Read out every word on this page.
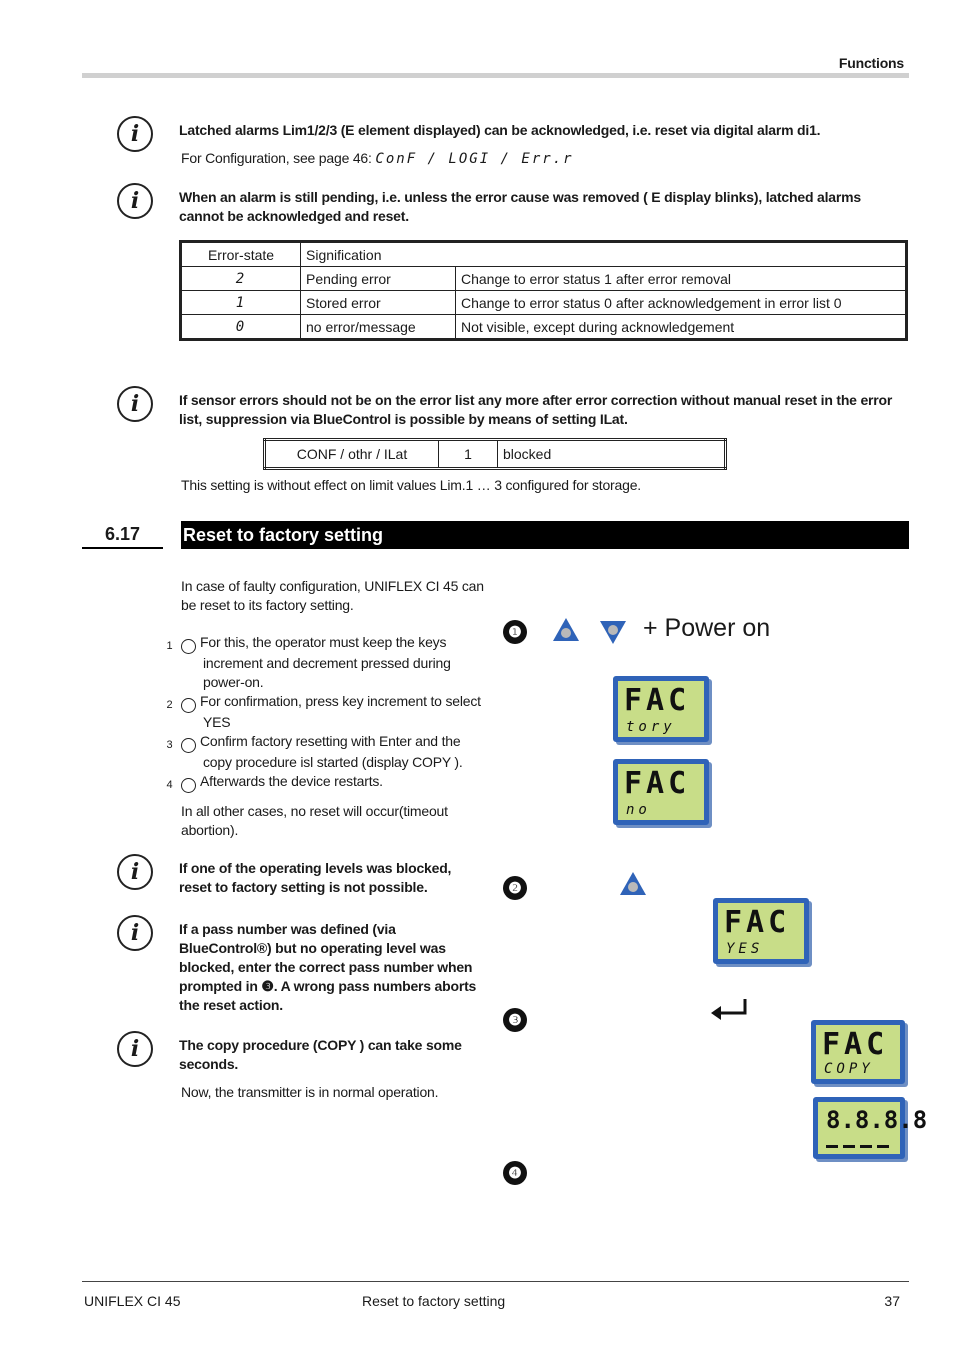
Functions
i	Latched alarms Lim1/2/3 (E element displayed) can be acknowledged, i.e. reset via digital alarm di1.
For Configuration, see page 46: ConF / LOGI / Err.r
i	When an alarm is still pending, i.e. unless the error cause was removed ( E display blinks), latched alarms cannot be acknowledged and reset.
Error-state	Signification	
2	Pending error	Change to error status 1 after error removal
1	Stored error	Change to error status 0 after acknowledgement in error list 0
0	no error/message	Not visible, except during acknowledgement
i	If sensor errors should not be on the error list any more after error correction without manual reset in the error list, suppression via BlueControl is possible by means of setting ILat.
CONF / othr / ILat	1	blocked
This setting is without effect on limit values Lim.1 … 3 configured for storage.
6.17	Reset to factory setting
In case of faulty configuration, UNIFLEX CI 45 can be reset to its factory setting.
1 For this, the operator must keep the keys increment and decrement pressed during power-on.
2 For confirmation, press key increment to select YES
3 Confirm factory resetting with Enter and the copy procedure isl started (display COPY ).
4 Afterwards the device restarts.
In all other cases, no reset will occur(timeout abortion).
i	If one of the operating levels was blocked, reset to factory setting is not possible.
i	If a pass number was defined (via BlueControl®) but no operating level was blocked, enter the correct pass number when prompted in ❸. A wrong pass numbers aborts the reset action.
i	The copy procedure (COPY ) can take some seconds.
Now, the transmitter is in normal operation.
❶	+ Power on
FAC
tory
FAC
no
❷
FAC
YES
❸
FAC
COPY
8.8.8.8
❹
UNIFLEX CI 45	Reset to factory setting	37
